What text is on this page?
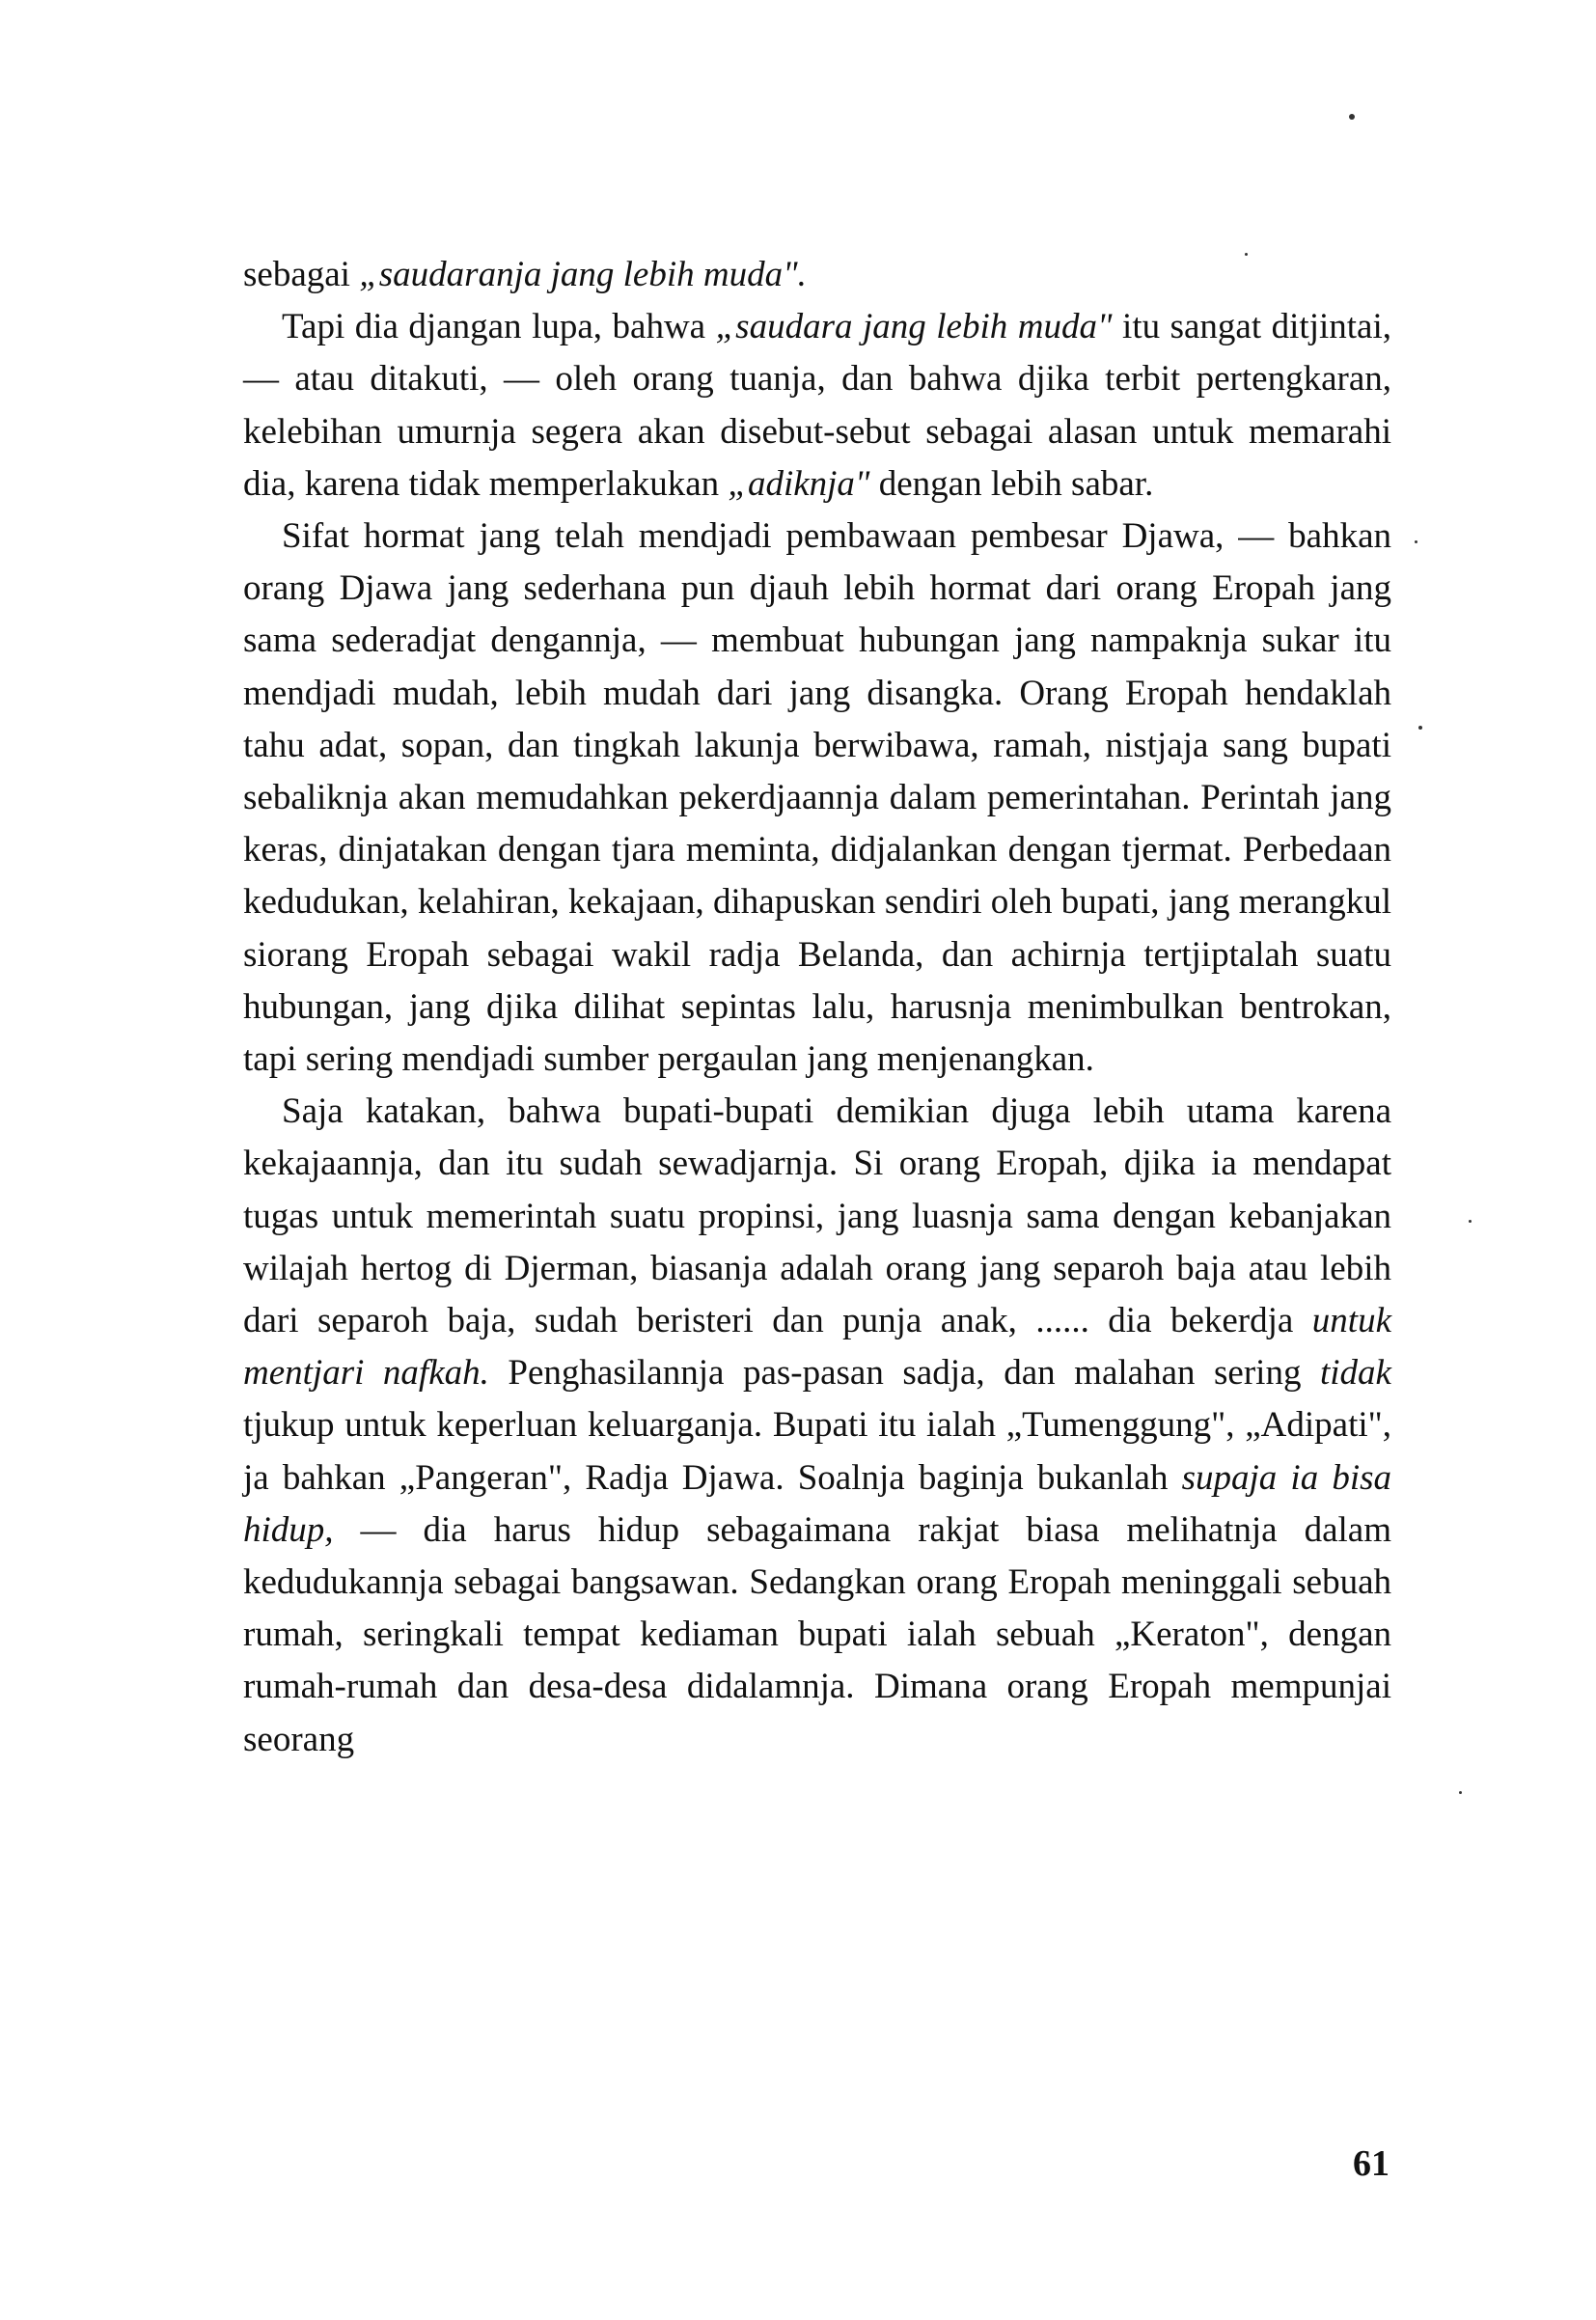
sebagai „saudaranja jang lebih muda".

Tapi dia djangan lupa, bahwa „saudara jang lebih muda" itu sangat ditjintai, — atau ditakuti, — oleh orang tuanja, dan bahwa djika terbit pertengkaran, kelebihan umurnja segera akan disebut-sebut sebagai alasan untuk memarahi dia, karena tidak memperlakukan „adiknja" dengan lebih sabar.

Sifat hormat jang telah mendjadi pembawaan pembesar Djawa, — bahkan orang Djawa jang sederhana pun djauh lebih hormat dari orang Eropah jang sama sederadjat dengannja, — membuat hubungan jang nampaknja sukar itu mendjadi mudah, lebih mudah dari jang disangka. Orang Eropah hendaklah tahu adat, sopan, dan tingkah lakunja berwibawa, ramah, nistjaja sang bupati sebaliknja akan memudahkan pekerdjaannja dalam pemerintahan. Perintah jang keras, dinjatakan dengan tjara meminta, didjalankan dengan tjermat. Perbedaan kedudukan, kelahiran, kekajaan, dihapuskan sendiri oleh bupati, jang merangkul siorang Eropah sebagai wakil radja Belanda, dan achirnja tertjiptalah suatu hubungan, jang djika dilihat sepintas lalu, harusnja menimbulkan bentrokan, tapi sering mendjadi sumber pergaulan jang menjenangkan.

Saja katakan, bahwa bupati-bupati demikian djuga lebih utama karena kekajaannja, dan itu sudah sewadjarnja. Si orang Eropah, djika ia mendapat tugas untuk memerintah suatu propinsi, jang luasnja sama dengan kebanjakan wilajah hertog di Djerman, biasanja adalah orang jang separoh baja atau lebih dari separoh baja, sudah beristeri dan punja anak, ...... dia bekerdja untuk mentjari nafkah. Penghasilannja pas-pasan sadja, dan malahan sering tidak tjukup untuk keperluan keluarganja. Bupati itu ialah „Tumenggung", „Adipati", ja bahkan „Pangeran", Radja Djawa. Soalnja baginja bukanlah supaja ia bisa hidup, — dia harus hidup sebagaimana rakjat biasa melihatnja dalam kedudukannja sebagai bangsawan. Sedangkan orang Eropah meninggali sebuah rumah, seringkali tempat kediaman bupati ialah sebuah „Keraton", dengan rumah-rumah dan desa-desa didalamnja. Dimana orang Eropah mempunjai seorang

61
